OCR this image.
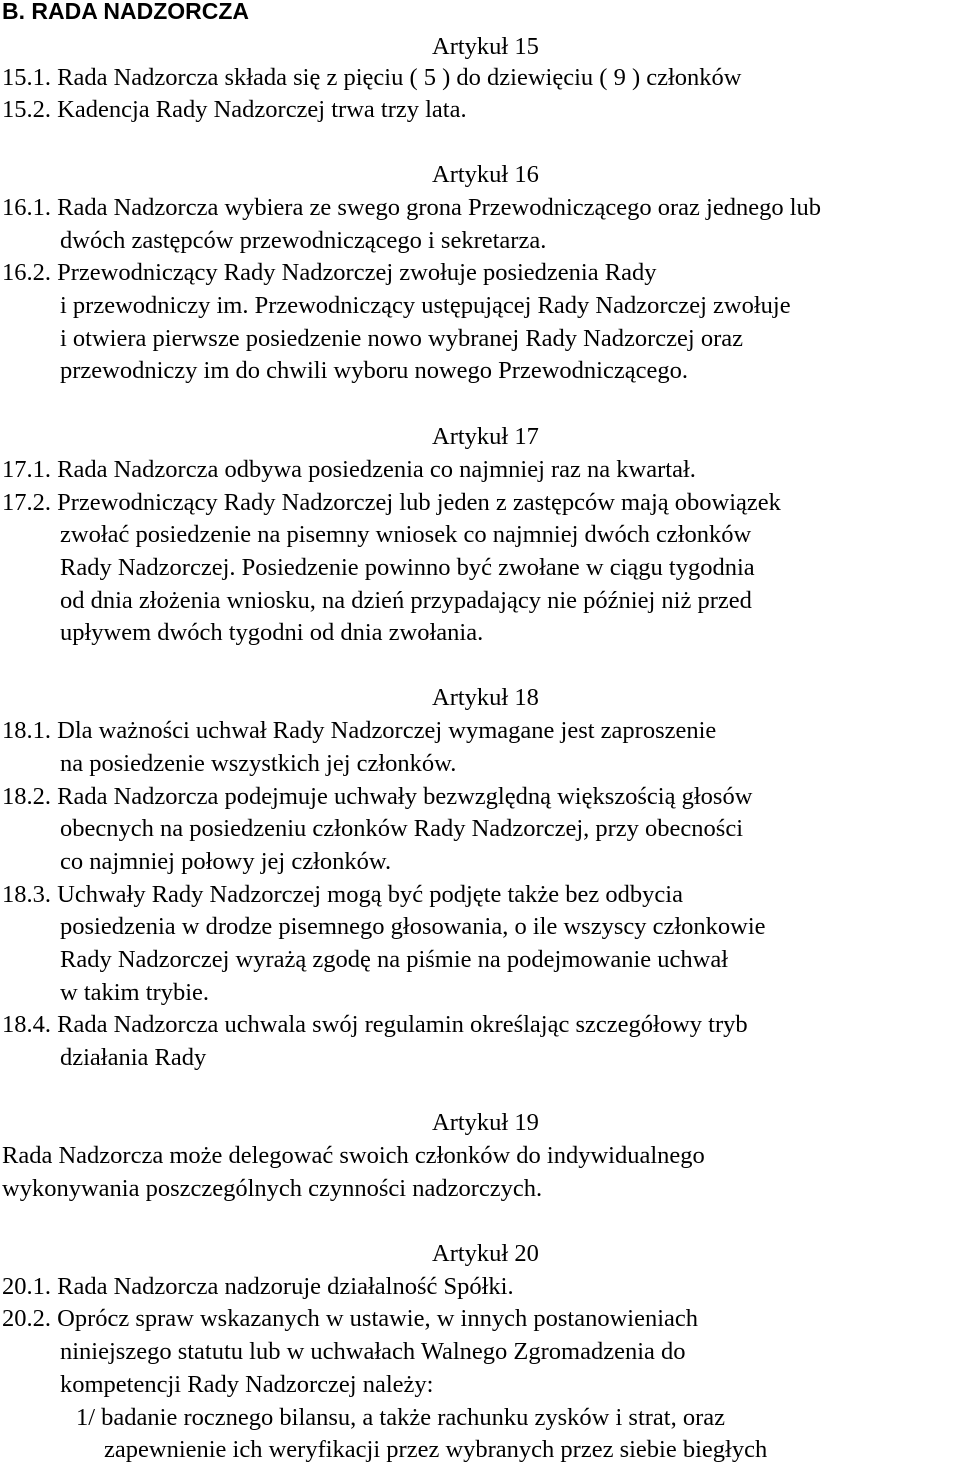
B. RADA NADZORCZA
Artykuł 15
15.1. Rada Nadzorcza składa się z pięciu ( 5 ) do dziewięciu ( 9 ) członków
15.2. Kadencja Rady Nadzorczej trwa trzy lata.
Artykuł 16
16.1. Rada Nadzorcza wybiera ze swego grona Przewodniczącego oraz jednego lub
dwóch zastępców przewodniczącego i sekretarza.
16.2. Przewodniczący Rady Nadzorczej zwołuje posiedzenia Rady
i przewodniczy im. Przewodniczący ustępującej Rady Nadzorczej zwołuje
i otwiera pierwsze posiedzenie nowo wybranej Rady Nadzorczej oraz
przewodniczy im do chwili wyboru nowego Przewodniczącego.
Artykuł 17
17.1. Rada Nadzorcza odbywa posiedzenia co najmniej raz na kwartał.
17.2. Przewodniczący Rady Nadzorczej lub jeden z zastępców mają obowiązek
zwołać posiedzenie na pisemny wniosek co najmniej dwóch członków
Rady Nadzorczej. Posiedzenie powinno być zwołane w ciągu tygodnia
od dnia złożenia wniosku, na dzień przypadający nie później niż przed
upływem dwóch tygodni od dnia zwołania.
Artykuł 18
18.1. Dla ważności uchwał Rady Nadzorczej wymagane jest zaproszenie
na posiedzenie wszystkich jej członków.
18.2. Rada Nadzorcza podejmuje uchwały bezwzględną większością głosów
obecnych na posiedzeniu członków Rady Nadzorczej, przy obecności
co najmniej połowy jej członków.
18.3. Uchwały Rady Nadzorczej mogą być podjęte także bez odbycia
posiedzenia w drodze pisemnego głosowania, o ile wszyscy członkowie
Rady Nadzorczej wyrażą zgodę na piśmie na podejmowanie uchwał
w takim trybie.
18.4. Rada Nadzorcza uchwala swój regulamin określając szczegółowy tryb
działania Rady
Artykuł 19
Rada Nadzorcza może delegować swoich członków do indywidualnego
wykonywania poszczególnych czynności nadzorczych.
Artykuł 20
20.1. Rada Nadzorcza nadzoruje działalność Spółki.
20.2. Oprócz spraw wskazanych w ustawie, w innych postanowieniach
niniejszego statutu lub w uchwałach Walnego Zgromadzenia do
kompetencji Rady Nadzorczej należy:
1/ badanie rocznego bilansu, a także rachunku zysków i strat, oraz
zapewnienie ich weryfikacji przez wybranych przez siebie biegłych
